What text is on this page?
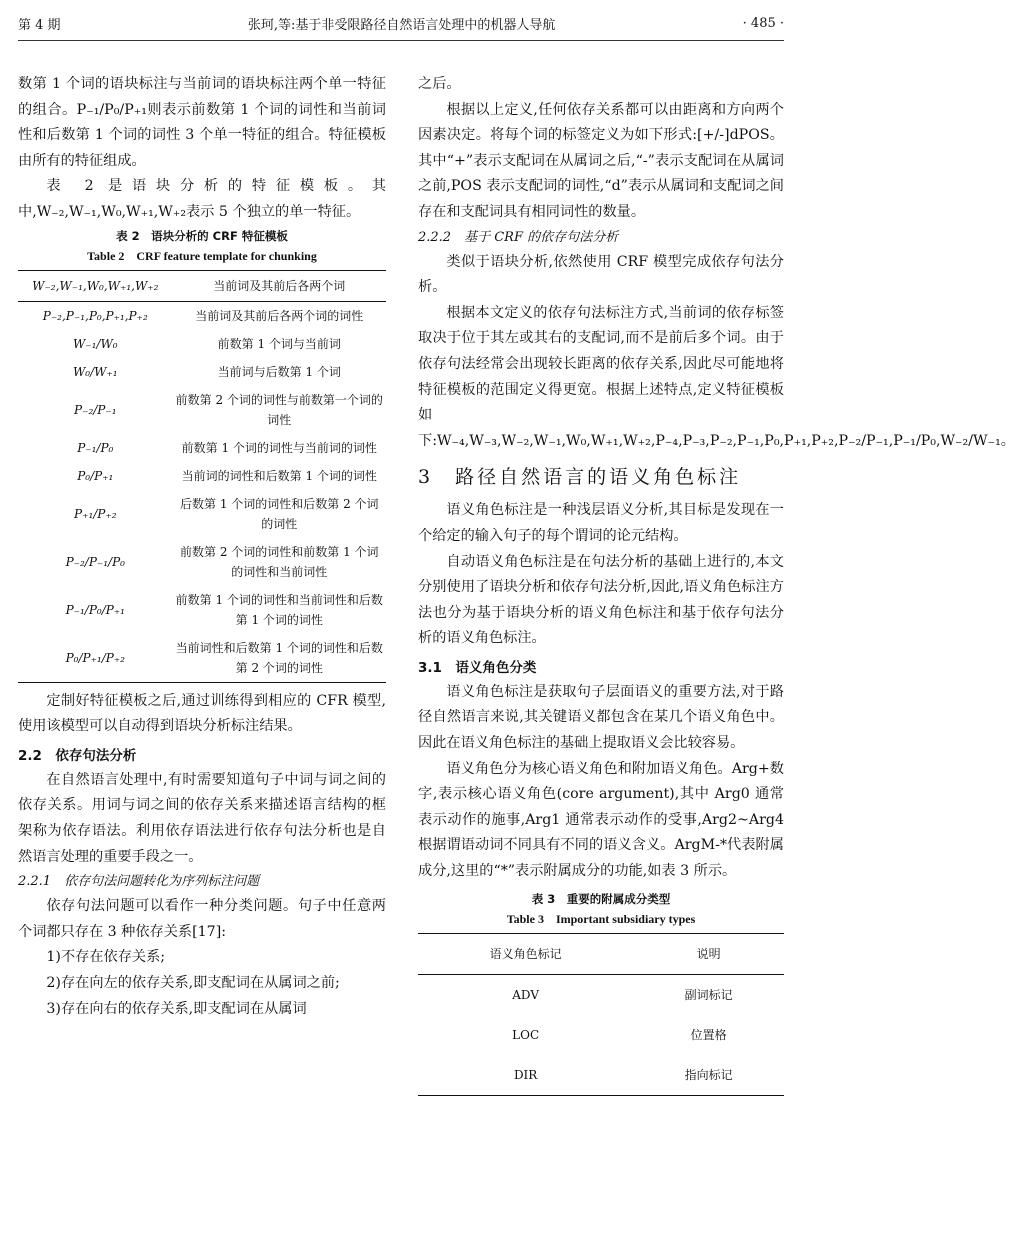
第 4 期	张珂,等:基于非受限路径自然语言处理中的机器人导航	· 485 ·

数第 1 个词的语块标注与当前词的语块标注两个单一特征的组合。P₋₁/P₀/P₊₁则表示前数第 1 个词的词性和当前词性和后数第 1 个词的词性 3 个单一特征的组合。特征模板由所有的特征组成。

表 2 是语块分析的特征模板。其中,W₋₂,W₋₁,W₀,W₊₁,W₊₂表示 5 个独立的单一特征。

表 2　语块分析的 CRF 特征模板
Table 2　CRF feature template for chunking
W₋₂,W₋₁,W₀,W₊₁,W₊₂	当前词及其前后各两个词
P₋₂,P₋₁,P₀,P₊₁,P₊₂	当前词及其前后各两个词的词性
W₋₁/W₀	前数第 1 个词与当前词
W₀/W₊₁	当前词与后数第 1 个词
P₋₂/P₋₁	前数第 2 个词的词性与前数第一个词的词性
P₋₁/P₀	前数第 1 个词的词性与当前词的词性
P₀/P₊₁	当前词的词性和后数第 1 个词的词性
P₊₁/P₊₂	后数第 1 个词的词性和后数第 2 个词的词性
P₋₂/P₋₁/P₀	前数第 2 个词的词性和前数第 1 个词的词性和当前词性
P₋₁/P₀/P₊₁	前数第 1 个词的词性和当前词性和后数第 1 个词的词性
P₀/P₊₁/P₊₂	当前词性和后数第 1 个词的词性和后数第 2 个词的词性

定制好特征模板之后,通过训练得到相应的 CFR 模型,使用该模型可以自动得到语块分析标注结果。

2.2　依存句法分析

在自然语言处理中,有时需要知道句子中词与词之间的依存关系。用词与词之间的依存关系来描述语言结构的框架称为依存语法。利用依存语法进行依存句法分析也是自然语言处理的重要手段之一。

2.2.1　依存句法问题转化为序列标注问题

依存句法问题可以看作一种分类问题。句子中任意两个词都只存在 3 种依存关系[17]:

1)不存在依存关系;

2)存在向左的依存关系,即支配词在从属词之前;

3)存在向右的依存关系,即支配词在从属词

之后。

根据以上定义,任何依存关系都可以由距离和方向两个因素决定。将每个词的标签定义为如下形式:[+/-]dPOS。其中“+”表示支配词在从属词之后,“-”表示支配词在从属词之前,POS 表示支配词的词性,“d”表示从属词和支配词之间存在和支配词具有相同词性的数量。

2.2.2　基于 CRF 的依存句法分析

类似于语块分析,依然使用 CRF 模型完成依存句法分析。

根据本文定义的依存句法标注方式,当前词的依存标签取决于位于其左或其右的支配词,而不是前后多个词。由于依存句法经常会出现较长距离的依存关系,因此尽可能地将特征模板的范围定义得更宽。根据上述特点,定义特征模板如下:W₋₄,W₋₃,W₋₂,W₋₁,W₀,W₊₁,W₊₂,P₋₄,P₋₃,P₋₂,P₋₁,P₀,P₊₁,P₊₂,P₋₂/P₋₁,P₋₁/P₀,W₋₂/W₋₁。

3　路径自然语言的语义角色标注

语义角色标注是一种浅层语义分析,其目标是发现在一个给定的输入句子的每个谓词的论元结构。

自动语义角色标注是在句法分析的基础上进行的,本文分别使用了语块分析和依存句法分析,因此,语义角色标注方法也分为基于语块分析的语义角色标注和基于依存句法分析的语义角色标注。

3.1　语义角色分类

语义角色标注是获取句子层面语义的重要方法,对于路径自然语言来说,其关键语义都包含在某几个语义角色中。因此在语义角色标注的基础上提取语义会比较容易。

语义角色分为核心语义角色和附加语义角色。Arg+数字,表示核心语义角色(core argument),其中 Arg0 通常表示动作的施事,Arg1 通常表示动作的受事,Arg2~Arg4 根据谓语动词不同具有不同的语义含义。ArgM-*代表附属成分,这里的“*”表示附属成分的功能,如表 3 所示。

表 3　重要的附属成分类型
Table 3　Important subsidiary types
语义角色标记	说明
ADV	副词标记
LOC	位置格
DIR	指向标记
